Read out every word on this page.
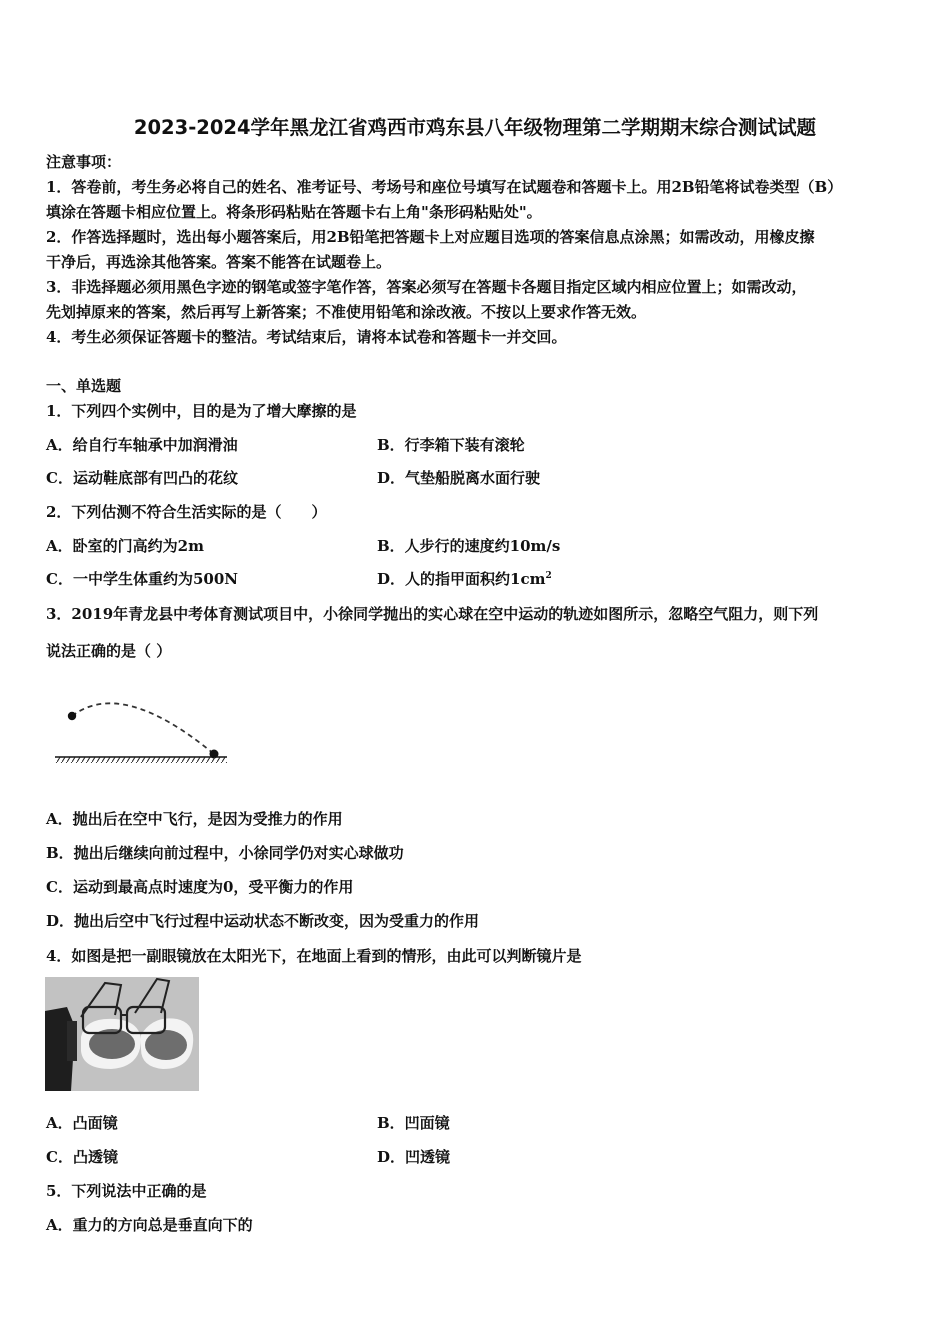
2023-2024学年黑龙江省鸡西市鸡东县八年级物理第二学期期末综合测试试题
注意事项：
1．答卷前，考生务必将自己的姓名、准考证号、考场号和座位号填写在试题卷和答题卡上。用2B铅笔将试卷类型（B）
填涂在答题卡相应位置上。将条形码粘贴在答题卡右上角"条形码粘贴处"。
2．作答选择题时，选出每小题答案后，用2B铅笔把答题卡上对应题目选项的答案信息点涂黑；如需改动，用橡皮擦
干净后，再选涂其他答案。答案不能答在试题卷上。
3．非选择题必须用黑色字迹的钢笔或签字笔作答，答案必须写在答题卡各题目指定区域内相应位置上；如需改动，
先划掉原来的答案，然后再写上新答案；不准使用铅笔和涂改液。不按以上要求作答无效。
4．考生必须保证答题卡的整洁。考试结束后，请将本试卷和答题卡一并交回。
一、单选题
1．下列四个实例中，目的是为了增大摩擦的是
A．给自行车轴承中加润滑油	B．行李箱下装有滚轮
C．运动鞋底部有凹凸的花纹	D．气垫船脱离水面行驶
2．下列估测不符合生活实际的是（　　）
A．卧室的门高约为2m	B．人步行的速度约10m/s
C．一中学生体重约为500N	D．人的指甲面积约$1cm^2$
3．2019年青龙县中考体育测试项目中，小徐同学抛出的实心球在空中运动的轨迹如图所示，忽略空气阻力，则下列
说法正确的是（ ）
A．抛出后在空中飞行，是因为受推力的作用
B．抛出后继续向前过程中，小徐同学仍对实心球做功
C．运动到最高点时速度为0，受平衡力的作用
D．抛出后空中飞行过程中运动状态不断改变，因为受重力的作用
4．如图是把一副眼镜放在太阳光下，在地面上看到的情形，由此可以判断镜片是
A．凸面镜	B．凹面镜
C．凸透镜	D．凹透镜
5．下列说法中正确的是
A．重力的方向总是垂直向下的
